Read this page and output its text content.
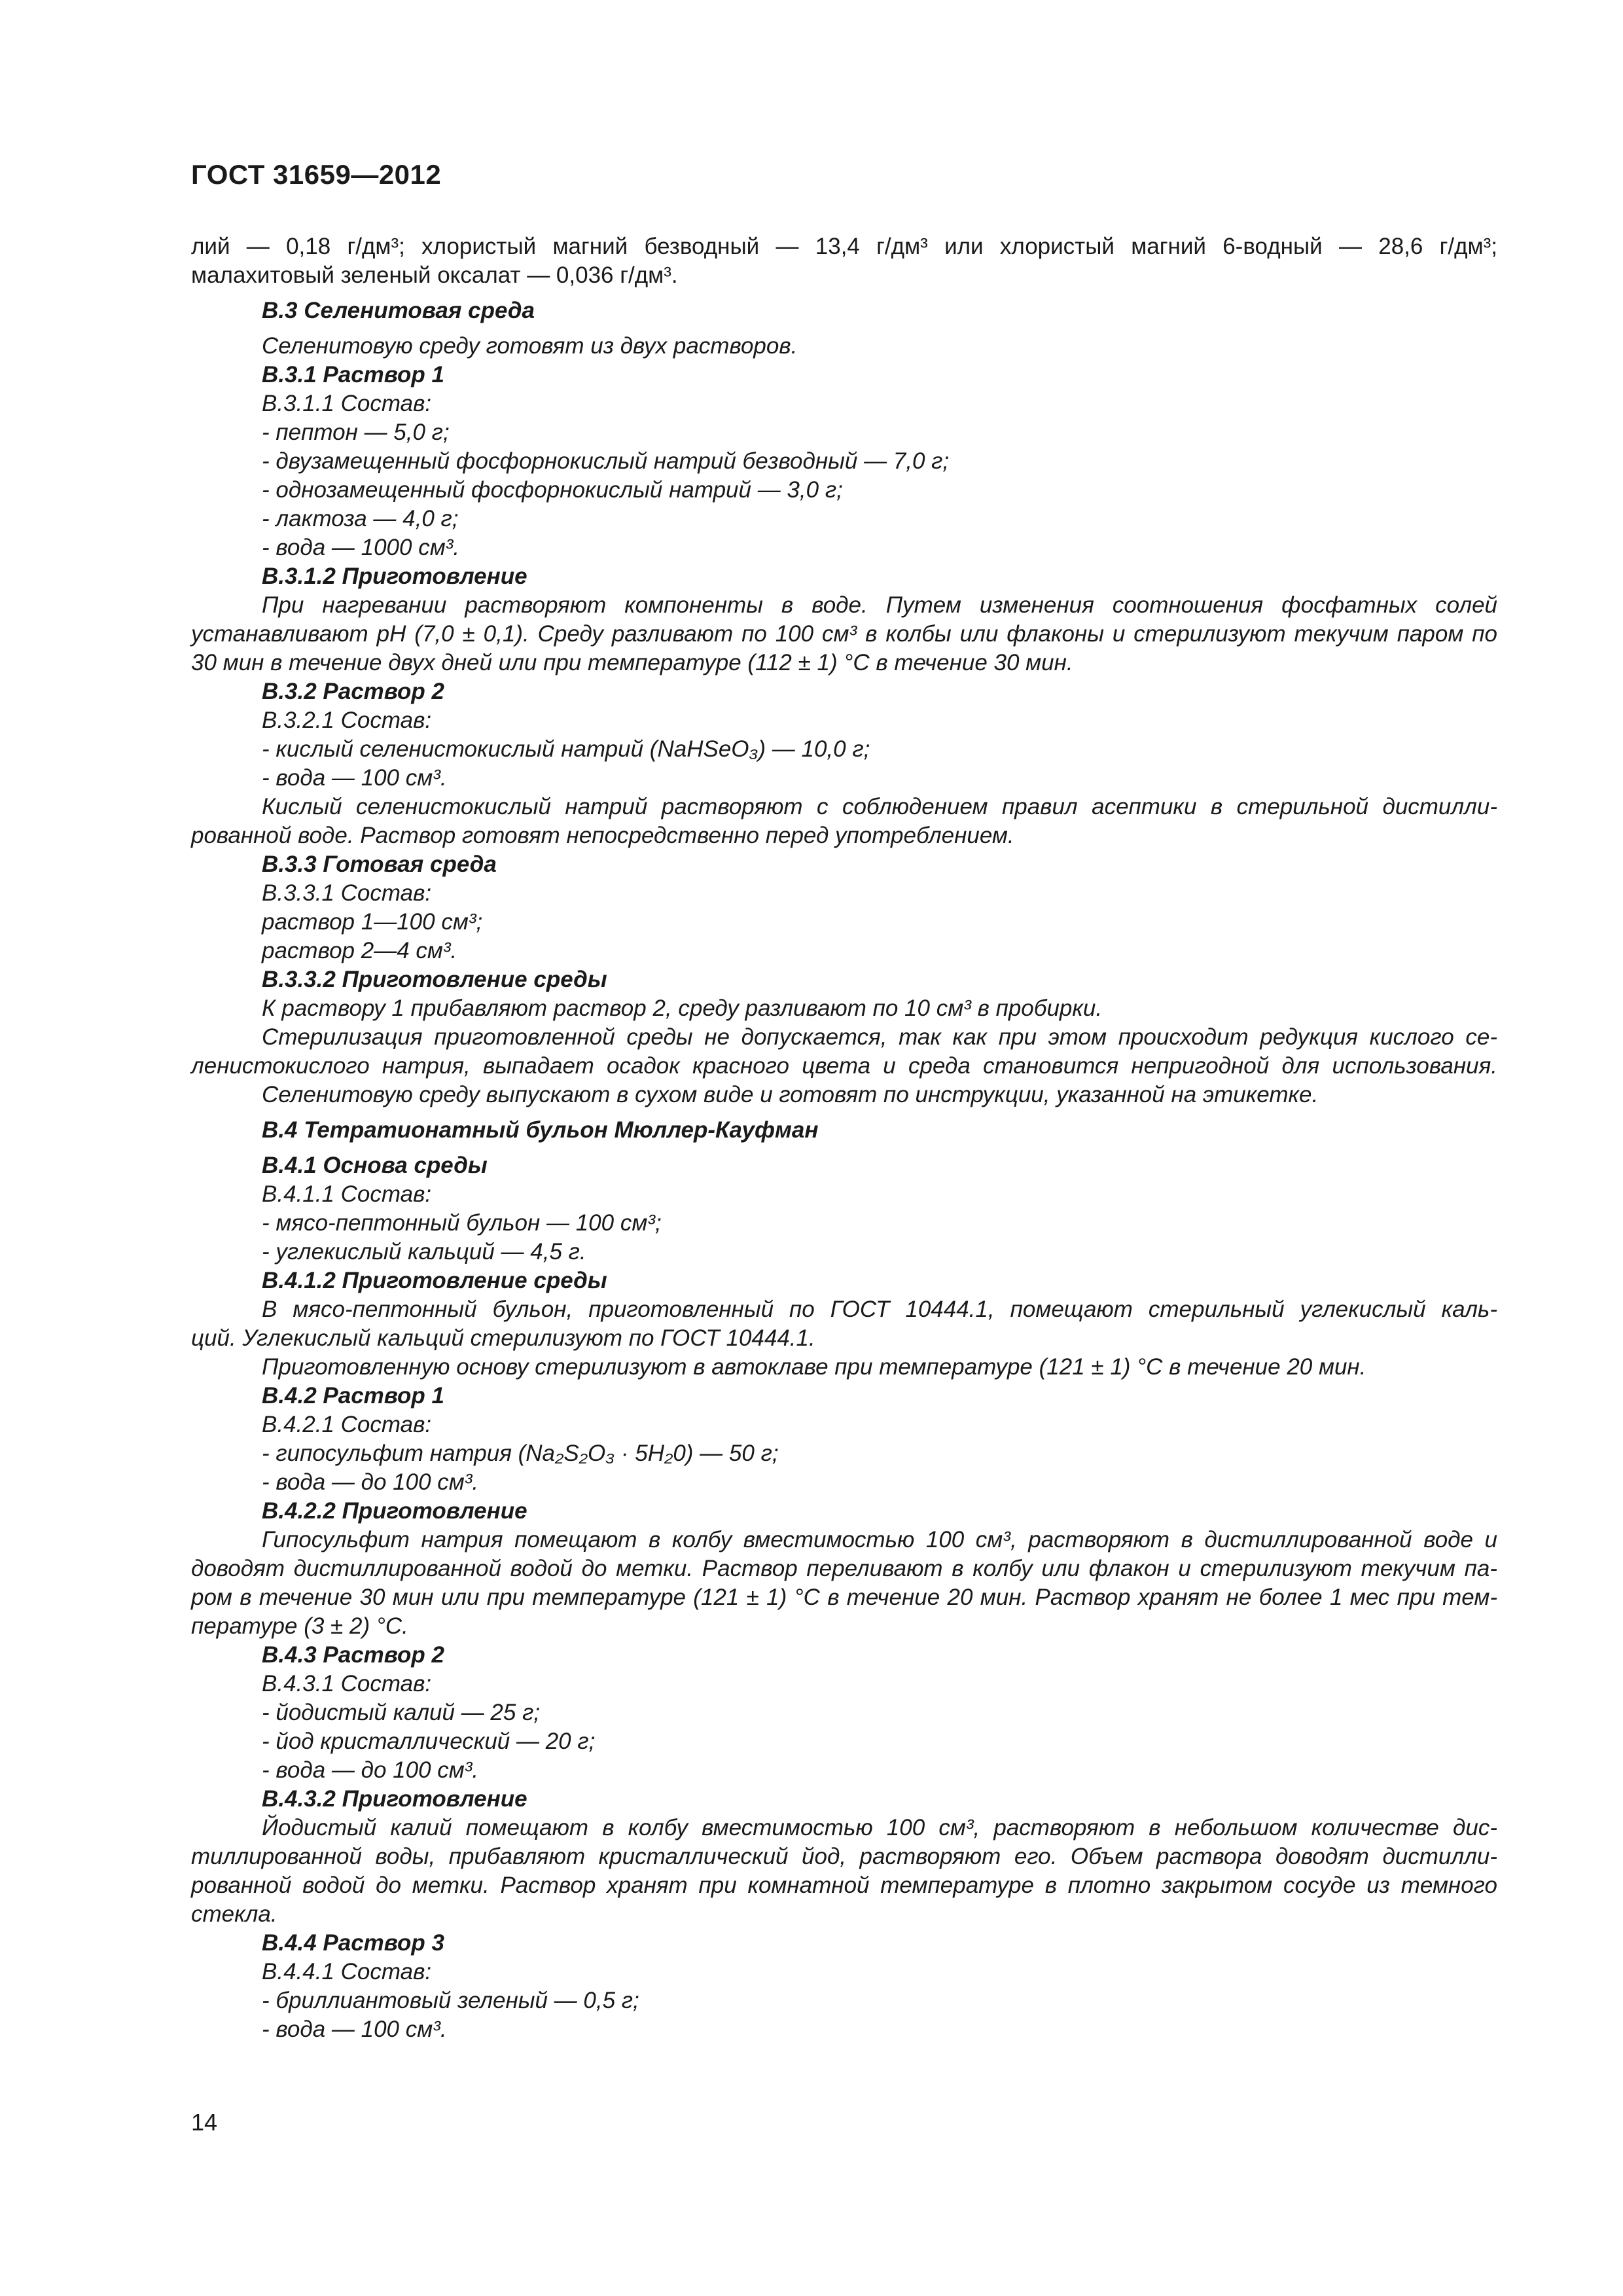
ГОСТ 31659—2012
лий — 0,18 г/дм³; хлористый магний безводный — 13,4 г/дм³ или хлористый магний 6-водный — 28,6 г/дм³;
малахитовый зеленый оксалат — 0,036 г/дм³.
В.3 Селенитовая среда
Селенитовую среду готовят из двух растворов.
В.3.1 Раствор 1
В.3.1.1 Состав:
- пептон — 5,0 г;
- двузамещенный фосфорнокислый натрий безводный — 7,0 г;
- однозамещенный фосфорнокислый натрий — 3,0 г;
- лактоза — 4,0 г;
- вода — 1000 см³.
В.3.1.2 Приготовление
При нагревании растворяют компоненты в воде. Путем изменения соотношения фосфатных солей
устанавливают pH (7,0 ± 0,1). Среду разливают по 100 см³ в колбы или флаконы и стерилизуют текучим паром по
30 мин в течение двух дней или при температуре (112 ± 1) °С в течение 30 мин.
В.3.2 Раствор 2
В.3.2.1 Состав:
- кислый селенистокислый натрий (NaHSeO₃) — 10,0 г;
- вода — 100 см³.
Кислый селенистокислый натрий растворяют с соблюдением правил асептики в стерильной дистилли-
рованной воде. Раствор готовят непосредственно перед употреблением.
В.3.3 Готовая среда
В.3.3.1 Состав:
раствор 1—100 см³;
раствор 2—4 см³.
В.3.3.2 Приготовление среды
К раствору 1 прибавляют раствор 2, среду разливают по 10 см³ в пробирки.
Стерилизация приготовленной среды не допускается, так как при этом происходит редукция кислого се-
ленистокислого натрия, выпадает осадок красного цвета и среда становится непригодной для использования.
Селенитовую среду выпускают в сухом виде и готовят по инструкции, указанной на этикетке.
В.4 Тетратионатный бульон Мюллер-Кауфман
В.4.1 Основа среды
В.4.1.1 Состав:
- мясо-пептонный бульон — 100 см³;
- углекислый кальций — 4,5 г.
В.4.1.2 Приготовление среды
В мясо-пептонный бульон, приготовленный по ГОСТ 10444.1, помещают стерильный углекислый каль-
ций. Углекислый кальций стерилизуют по ГОСТ 10444.1.
Приготовленную основу стерилизуют в автоклаве при температуре (121 ± 1) °С в течение 20 мин.
В.4.2 Раствор 1
В.4.2.1 Состав:
- гипосульфит натрия (Na₂S₂O₃ · 5H₂0) — 50 г;
- вода — до 100 см³.
В.4.2.2 Приготовление
Гипосульфит натрия помещают в колбу вместимостью 100 см³, растворяют в дистиллированной воде и
доводят дистиллированной водой до метки. Раствор переливают в колбу или флакон и стерилизуют текучим па-
ром в течение 30 мин или при температуре (121 ± 1) °С в течение 20 мин. Раствор хранят не более 1 мес при тем-
пературе (3 ± 2) °С.
В.4.3 Раствор 2
В.4.3.1 Состав:
- йодистый калий — 25 г;
- йод кристаллический — 20 г;
- вода — до 100 см³.
В.4.3.2 Приготовление
Йодистый калий помещают в колбу вместимостью 100 см³, растворяют в небольшом количестве дис-
тиллированной воды, прибавляют кристаллический йод, растворяют его. Объем раствора доводят дистилли-
рованной водой до метки. Раствор хранят при комнатной температуре в плотно закрытом сосуде из темного
стекла.
В.4.4 Раствор 3
В.4.4.1 Состав:
- бриллиантовый зеленый — 0,5 г;
- вода — 100 см³.
14
